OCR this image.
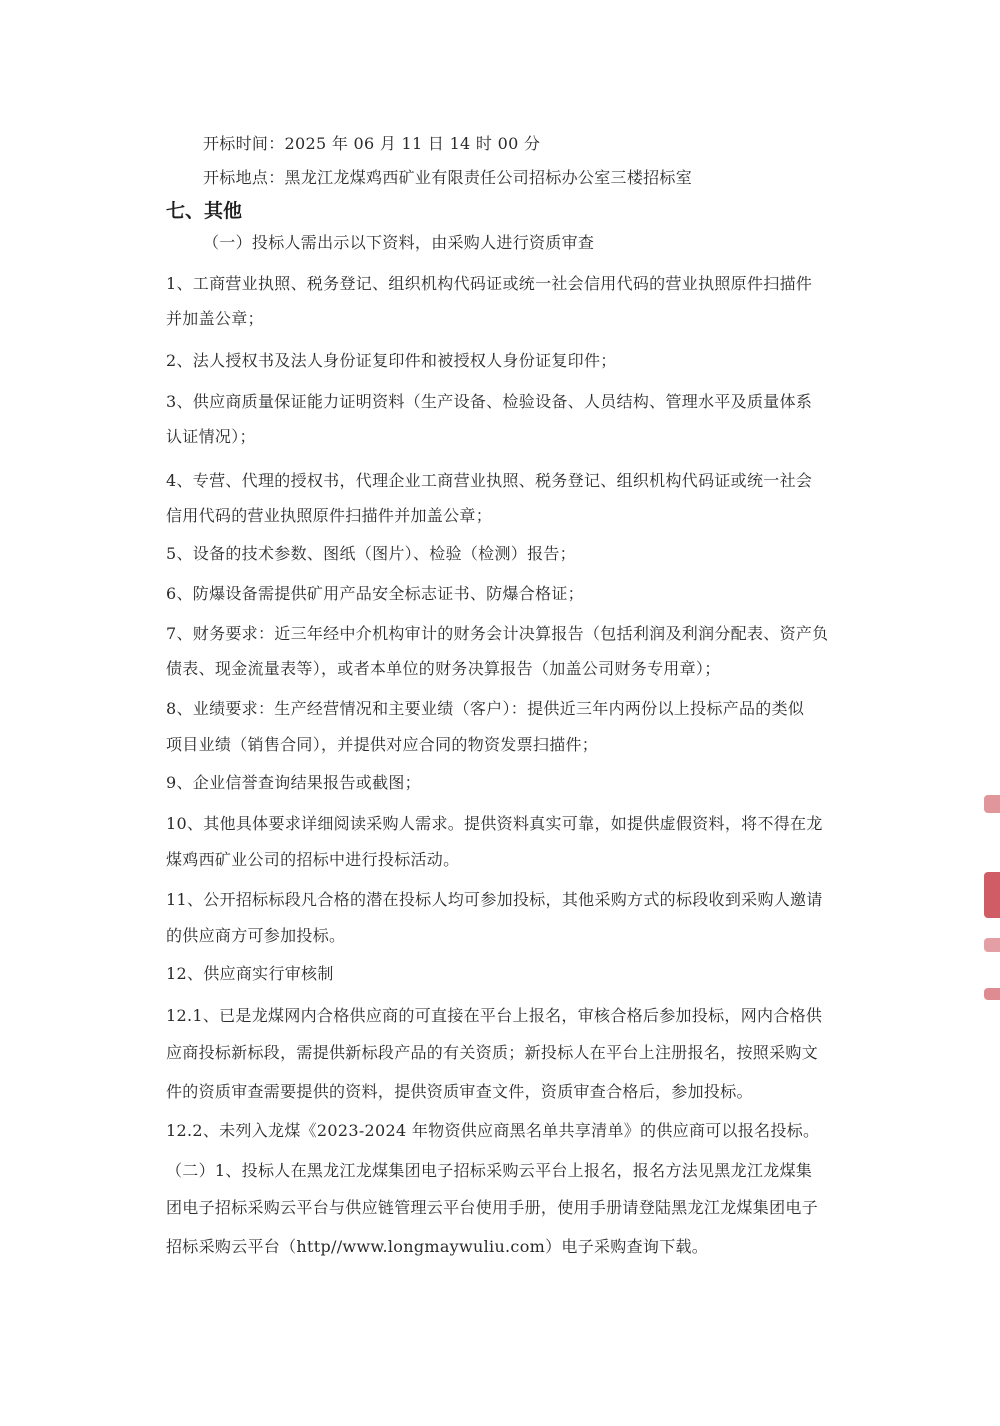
开标时间：2025 年 06 月 11 日 14 时 00 分
开标地点：黑龙江龙煤鸡西矿业有限责任公司招标办公室三楼招标室
七、其他
（一）投标人需出示以下资料，由采购人进行资质审查
1、工商营业执照、税务登记、组织机构代码证或统一社会信用代码的营业执照原件扫描件
并加盖公章；
2、法人授权书及法人身份证复印件和被授权人身份证复印件；
3、供应商质量保证能力证明资料（生产设备、检验设备、人员结构、管理水平及质量体系
认证情况）；
4、专营、代理的授权书，代理企业工商营业执照、税务登记、组织机构代码证或统一社会
信用代码的营业执照原件扫描件并加盖公章；
5、设备的技术参数、图纸（图片）、检验（检测）报告；
6、防爆设备需提供矿用产品安全标志证书、防爆合格证；
7、财务要求：近三年经中介机构审计的财务会计决算报告（包括利润及利润分配表、资产负
债表、现金流量表等），或者本单位的财务决算报告（加盖公司财务专用章）；
8、业绩要求：生产经营情况和主要业绩（客户）：提供近三年内两份以上投标产品的类似
项目业绩（销售合同），并提供对应合同的物资发票扫描件；
9、企业信誉查询结果报告或截图；
10、其他具体要求详细阅读采购人需求。提供资料真实可靠，如提供虚假资料，将不得在龙
煤鸡西矿业公司的招标中进行投标活动。
11、公开招标标段凡合格的潜在投标人均可参加投标，其他采购方式的标段收到采购人邀请
的供应商方可参加投标。
12、供应商实行审核制
12.1、已是龙煤网内合格供应商的可直接在平台上报名，审核合格后参加投标，网内合格供
应商投标新标段，需提供新标段产品的有关资质；新投标人在平台上注册报名，按照采购文
件的资质审查需要提供的资料，提供资质审查文件，资质审查合格后，参加投标。
12.2、未列入龙煤《2023-2024 年物资供应商黑名单共享清单》的供应商可以报名投标。
（二）1、投标人在黑龙江龙煤集团电子招标采购云平台上报名，报名方法见黑龙江龙煤集
团电子招标采购云平台与供应链管理云平台使用手册，使用手册请登陆黑龙江龙煤集团电子
招标采购云平台（http//www.longmaywuliu.com）电子采购查询下载。
